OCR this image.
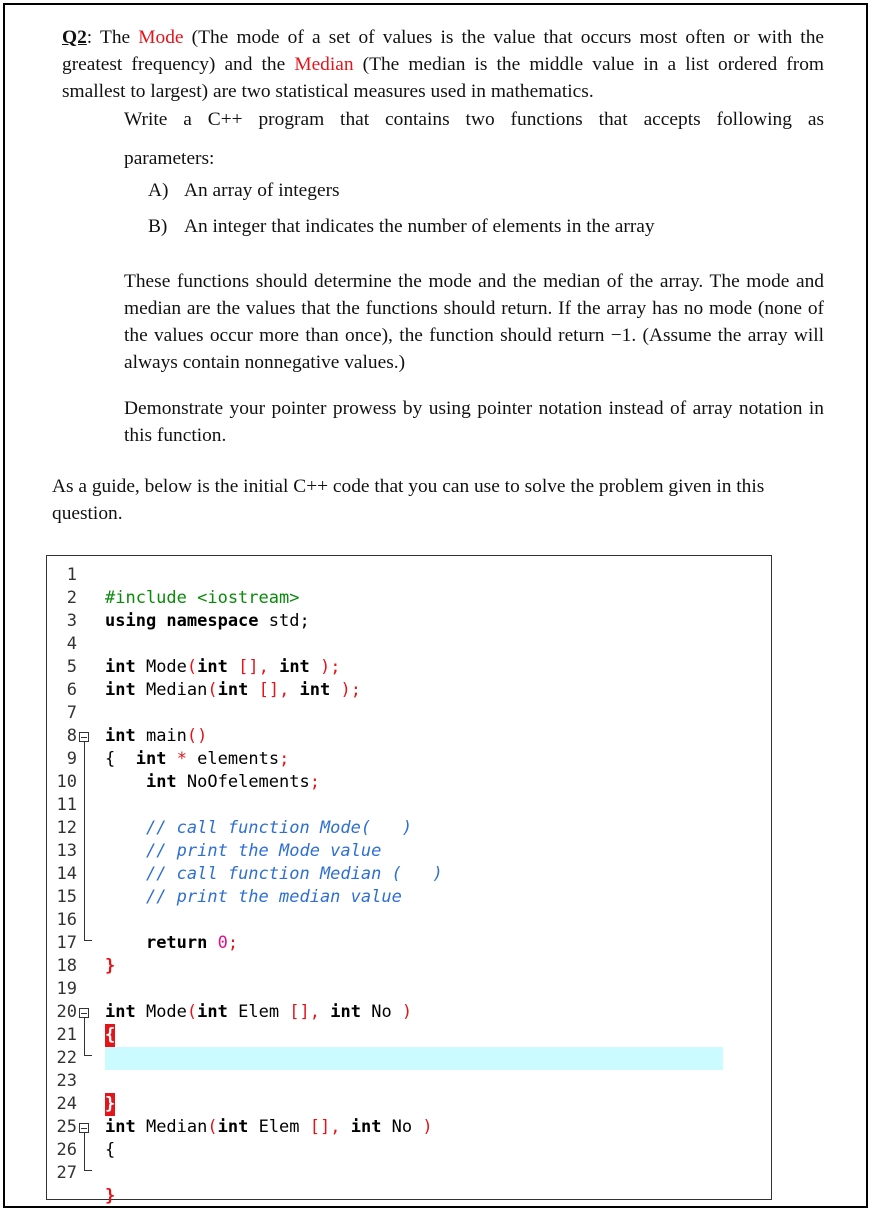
Q2: The Mode (The mode of a set of values is the value that occurs most often or with the greatest frequency) and the Median (The median is the middle value in a list ordered from smallest to largest) are two statistical measures used in mathematics.
Write a C++ program that contains two functions that accepts following as
parameters:
A) An array of integers
B) An integer that indicates the number of elements in the array
These functions should determine the mode and the median of the array. The mode and median are the values that the functions should return. If the array has no mode (none of the values occur more than once), the function should return −1. (Assume the array will always contain nonnegative values.)
Demonstrate your pointer prowess by using pointer notation instead of array notation in this function.
As a guide, below is the initial C++ code that you can use to solve the problem given in this question.
1
2
3
4
5
6
7
8
9
10
11
12
13
14
15
16
17
18
19
20
21
22
23
24
25
26
27

#include <iostream>

using namespace std;

int Mode(int [], int );

int Median(int [], int );

int main()

{ int * elements;

int NoOfelements;

// call function Mode(   )

// print the Mode value

// call function Median (   )

// print the median value

return 0;

}

int Mode(int Elem [], int No )

{

}

int Median(int Elem [], int No )

{

}
